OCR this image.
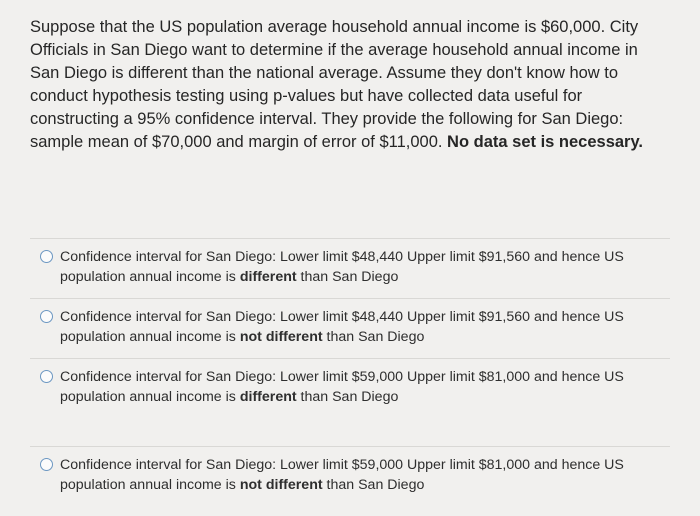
Suppose that the US population average household annual income is $60,000. City Officials in San Diego want to determine if the average household annual income in San Diego is different than the national average. Assume they don't know how to conduct hypothesis testing using p-values but have collected data useful for constructing a 95% confidence interval. They provide the following for San Diego: sample mean of $70,000 and margin of error of $11,000. No data set is necessary.
Confidence interval for San Diego: Lower limit $48,440 Upper limit $91,560 and hence US population annual income is different than San Diego
Confidence interval for San Diego: Lower limit $48,440 Upper limit $91,560 and hence US population annual income is not different than San Diego
Confidence interval for San Diego: Lower limit $59,000 Upper limit $81,000 and hence US population annual income is different than San Diego
Confidence interval for San Diego: Lower limit $59,000 Upper limit $81,000 and hence US population annual income is not different than San Diego
